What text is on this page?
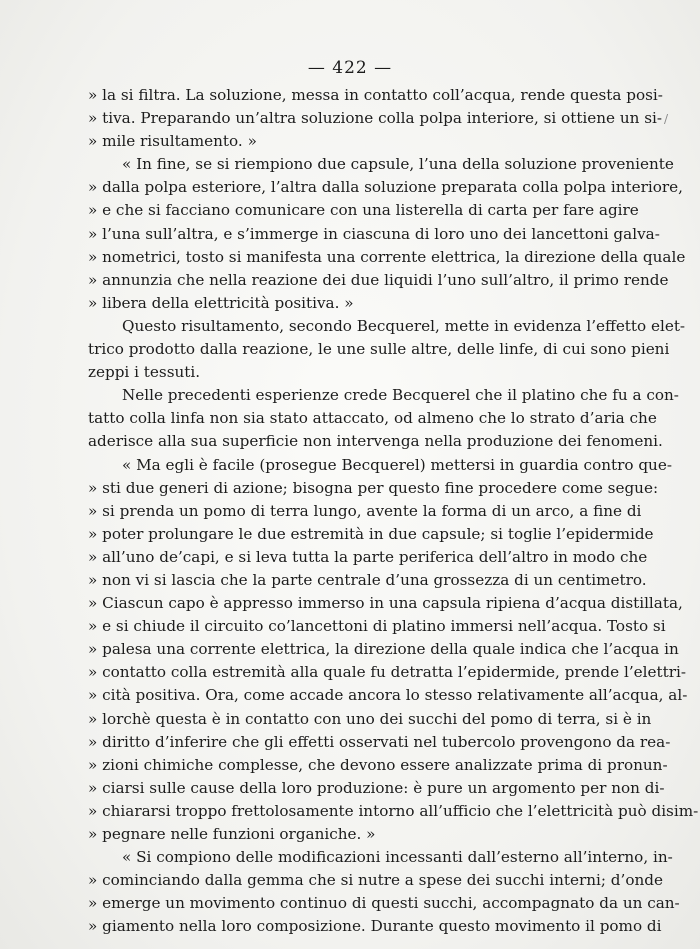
— 422 —
/
» la si filtra. La soluzione, messa in contatto coll’acqua, rende questa posi-
» tiva. Preparando un’altra soluzione colla polpa interiore, si ottiene un si-
» mile risultamento. »
« In fine, se si riempiono due capsule, l’una della soluzione proveniente
» dalla polpa esteriore, l’altra dalla soluzione preparata colla polpa interiore,
» e che si facciano comunicare con una listerella di carta per fare agire
» l’una sull’altra, e s’immerge in ciascuna di loro uno dei lancettoni galva-
» nometrici, tosto si manifesta una corrente elettrica, la direzione della quale
» annunzia che nella reazione dei due liquidi l’uno sull’altro, il primo rende
» libera della elettricità positiva. »
Questo risultamento, secondo Becquerel, mette in evidenza l’effetto elet-
trico prodotto dalla reazione, le une sulle altre, delle linfe, di cui sono pieni
zeppi i tessuti.
Nelle precedenti esperienze crede Becquerel che il platino che fu a con-
tatto colla linfa non sia stato attaccato, od almeno che lo strato d’aria che
aderisce alla sua superficie non intervenga nella produzione dei fenomeni.
« Ma egli è facile (prosegue Becquerel) mettersi in guardia contro que-
» sti due generi di azione; bisogna per questo fine procedere come segue:
» si prenda un pomo di terra lungo, avente la forma di un arco, a fine di
» poter prolungare le due estremità in due capsule; si toglie l’epidermide
» all’uno de’capi, e si leva tutta la parte periferica dell’altro in modo che
» non vi si lascia che la parte centrale d’una grossezza di un centimetro.
» Ciascun capo è appresso immerso in una capsula ripiena d’acqua distillata,
» e si chiude il circuito co’lancettoni di platino immersi nell’acqua. Tosto si
» palesa una corrente elettrica, la direzione della quale indica che l’acqua in
» contatto colla estremità alla quale fu detratta l’epidermide, prende l’elettri-
» cità positiva. Ora, come accade ancora lo stesso relativamente all’acqua, al-
» lorchè questa è in contatto con uno dei succhi del pomo di terra, si è in
» diritto d’inferire che gli effetti osservati nel tubercolo provengono da rea-
» zioni chimiche complesse, che devono essere analizzate prima di pronun-
» ciarsi sulle cause della loro produzione: è pure un argomento per non di-
» chiararsi troppo frettolosamente intorno all’ufficio che l’elettricità può disim-
» pegnare nelle funzioni organiche. »
« Si compiono delle modificazioni incessanti dall’esterno all’interno, in-
» cominciando dalla gemma che si nutre a spese dei succhi interni; d’onde
» emerge un movimento continuo di questi succhi, accompagnato da un can-
» giamento nella loro composizione. Durante questo movimento il pomo di
